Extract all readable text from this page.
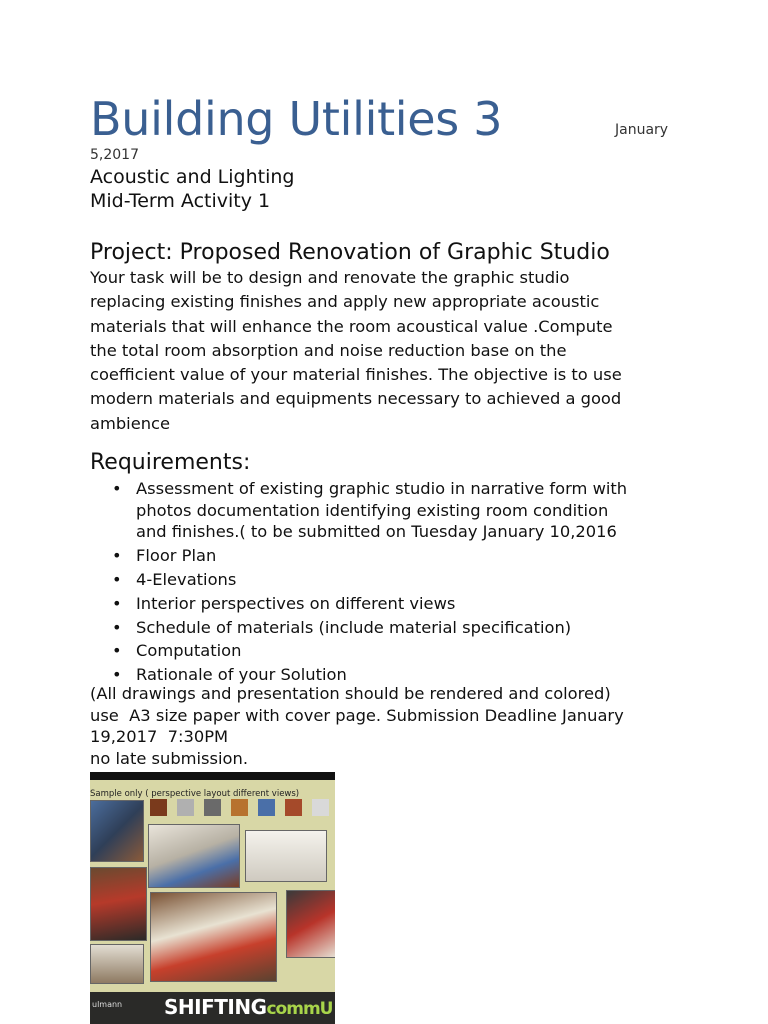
Building Utilities 3	January
5,2017
Acoustic and Lighting
Mid-Term Activity 1
Project: Proposed Renovation of Graphic Studio
Your task will be to design and renovate the graphic studio
replacing existing finishes and apply new appropriate acoustic
materials that will enhance the room acoustical value .Compute
the total room absorption and noise reduction base on the
coefficient value of your material finishes. The objective is to use
modern materials and equipments necessary to achieved a good
ambience
Requirements:
• Assessment of existing graphic studio in narrative form with
photos documentation identifying existing room condition
and finishes.( to be submitted on Tuesday January 10,2016
• Floor Plan
• 4-Elevations
• Interior perspectives on different views
• Schedule of materials (include material specification)
• Computation
• Rationale of your Solution
(All drawings and presentation should be rendered and colored)
use  A3 size paper with cover page. Submission Deadline January
19,2017  7:30PM
no late submission.
Sample only ( perspective layout different views)
ulmann SHIFTINGcommU
